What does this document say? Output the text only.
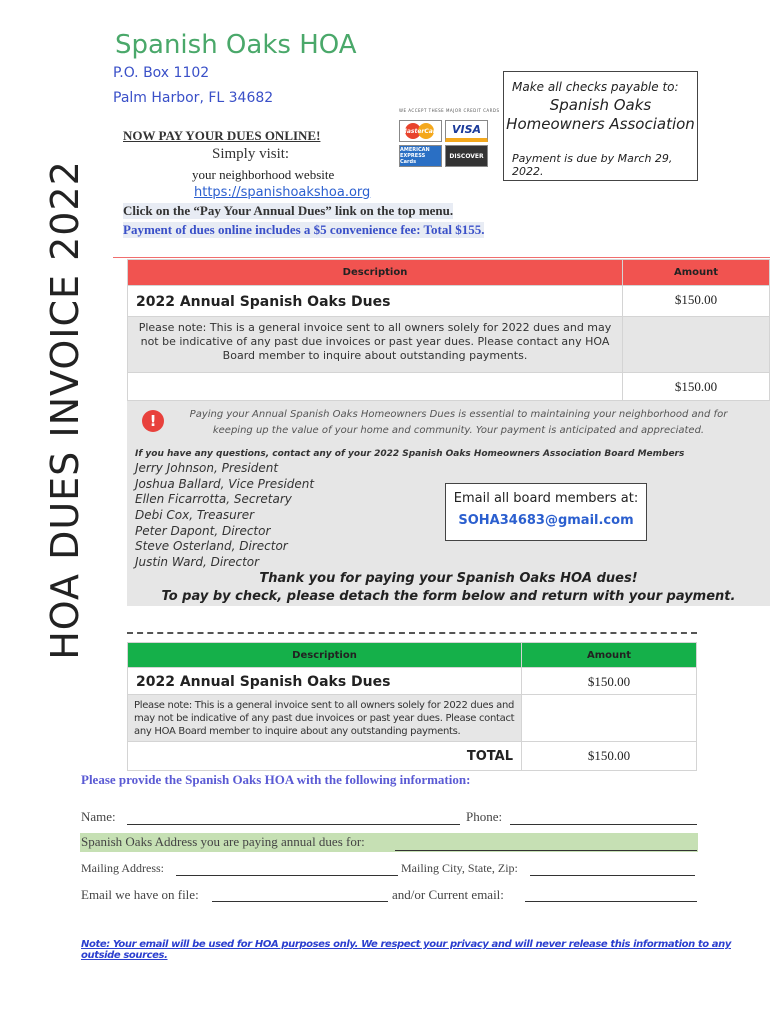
Spanish Oaks HOA
P.O. Box 1102
Palm Harbor, FL 34682
HOA DUES INVOICE 2022
Make all checks payable to:
Spanish Oaks
Homeowners Association
Payment is due by March 29, 2022.
WE ACCEPT THESE MAJOR CREDIT CARDS
MasterCard	VISA
AMERICAN EXPRESS Cards
DISCOVER
NOW PAY YOUR DUES ONLINE!
Simply visit:
your neighborhood website
https://spanishoakshoa.org
Click on the “Pay Your Annual Dues” link on the top menu.
Payment of dues online includes a $5 convenience fee: Total $155.
Description	Amount
2022 Annual Spanish Oaks Dues	$150.00
Please note: This is a general invoice sent to all owners solely for 2022 dues and may not be indicative of any past due invoices or past year dues. Please contact any HOA Board member to inquire about outstanding payments.	
	$150.00
!	Paying your Annual Spanish Oaks Homeowners Dues is essential to maintaining your neighborhood and for keeping up the value of your home and community. Your payment is anticipated and appreciated.
If you have any questions, contact any of your 2022 Spanish Oaks Homeowners Association Board Members
Jerry Johnson, President
Joshua Ballard, Vice President
Ellen Ficarrotta, Secretary
Debi Cox, Treasurer
Peter Dapont, Director
Steve Osterland, Director
Justin Ward, Director
Email all board members at:
SOHA34683@gmail.com
Thank you for paying your Spanish Oaks HOA dues!
To pay by check, please detach the form below and return with your payment.
Description	Amount
2022 Annual Spanish Oaks Dues	$150.00
Please note: This is a general invoice sent to all owners solely for 2022 dues and may not be indicative of any past due invoices or past year dues. Please contact any HOA Board member to inquire about any outstanding payments.	
TOTAL	$150.00
Please provide the Spanish Oaks HOA with the following information:
Name:	Phone:
Spanish Oaks Address you are paying annual dues for:
Mailing Address:	Mailing City, State, Zip:
Email we have on file:	and/or Current email:
Note: Your email will be used for HOA purposes only. We respect your privacy and will never release this information to any outside sources.
